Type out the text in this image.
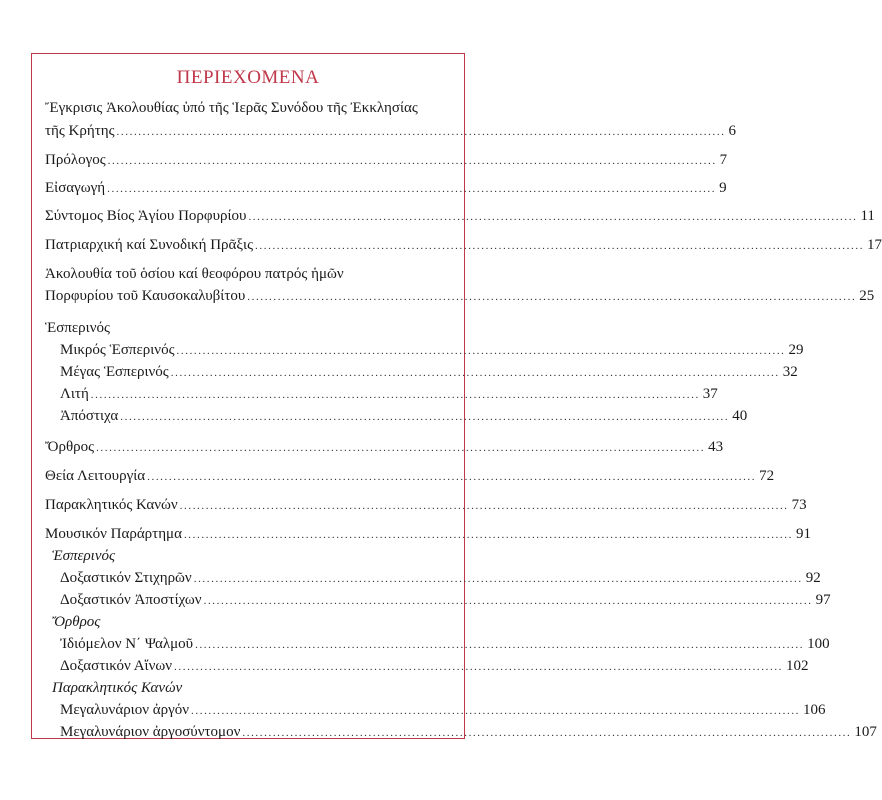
ΠΕΡΙΕΧΟΜΕΝΑ
Ἔγκρισις Ἀκολουθίας ὑπό τῆς Ἱερᾶς Συνόδου τῆς Ἐκκλησίας
τῆς Κρήτης ............................................................................................................................................ 6
Πρόλογος ............................................................................................................................................ 7
Εἰσαγωγή ............................................................................................................................................ 9
Σύντομος Βίος Ἁγίου Πορφυρίου ............................................................................................................................................ 11
Πατριαρχική καί Συνοδική Πρᾶξις ............................................................................................................................................ 17
Ἀκολουθία τοῦ ὁσίου καί θεοφόρου πατρός ἡμῶν
Πορφυρίου τοῦ Καυσοκαλυβίτου ............................................................................................................................................ 25
Ἑσπερινός
Μικρός Ἑσπερινός ............................................................................................................................................ 29
Μέγας Ἑσπερινός ............................................................................................................................................ 32
Λιτή ............................................................................................................................................ 37
Ἀπόστιχα ............................................................................................................................................ 40
Ὄρθρος ............................................................................................................................................ 43
Θεία Λειτουργία ............................................................................................................................................ 72
Παρακλητικός Κανών ............................................................................................................................................ 73
Μουσικόν Παράρτημα ............................................................................................................................................ 91
Ἑσπερινός
Δοξαστικόν Στιχηρῶν ............................................................................................................................................ 92
Δοξαστικόν Ἀποστίχων ............................................................................................................................................ 97
Ὄρθρος
Ἰδιόμελον Ν΄ Ψαλμοῦ ............................................................................................................................................ 100
Δοξαστικόν Αἴνων ............................................................................................................................................ 102
Παρακλητικός Κανών
Μεγαλυνάριον ἀργόν ............................................................................................................................................ 106
Μεγαλυνάριον ἀργοσύντομον ............................................................................................................................................ 107
